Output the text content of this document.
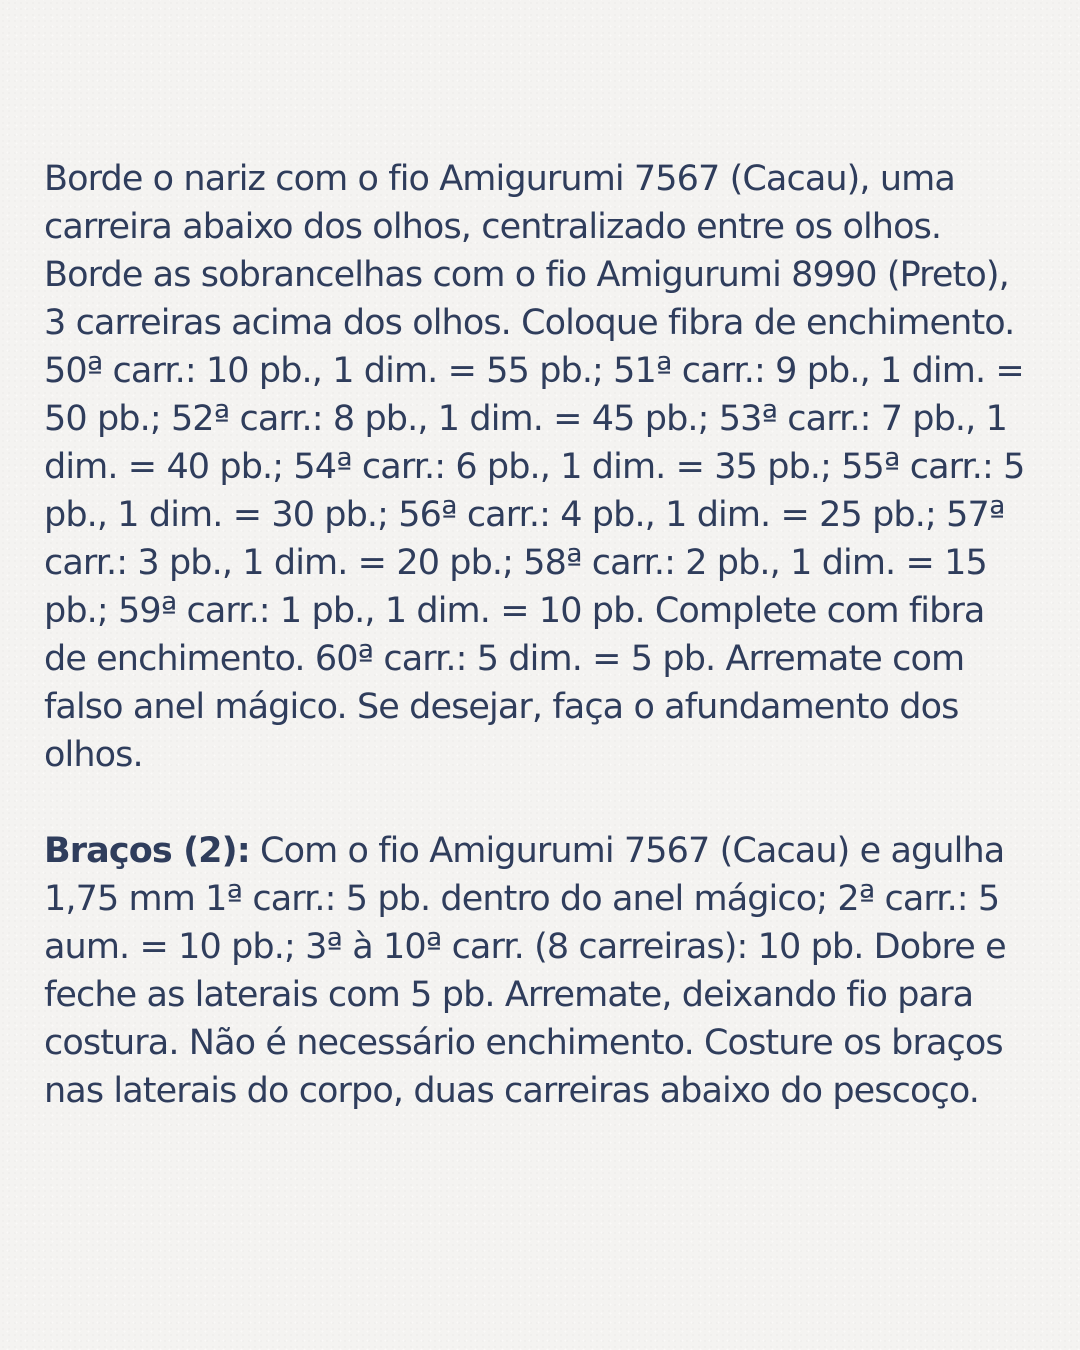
Borde o nariz com o fio Amigurumi 7567 (Cacau), uma carreira abaixo dos olhos, centralizado entre os olhos. Borde as sobrancelhas com o fio Amigurumi 8990 (Preto), 3 carreiras acima dos olhos. Coloque fibra de enchimento. 50ª carr.: 10 pb., 1 dim. = 55 pb.; 51ª carr.: 9 pb., 1 dim. = 50 pb.; 52ª carr.: 8 pb., 1 dim. = 45 pb.; 53ª carr.: 7 pb., 1 dim. = 40 pb.; 54ª carr.: 6 pb., 1 dim. = 35 pb.; 55ª carr.: 5 pb., 1 dim. = 30 pb.; 56ª carr.: 4 pb., 1 dim. = 25 pb.; 57ª carr.: 3 pb., 1 dim. = 20 pb.; 58ª carr.: 2 pb., 1 dim. = 15 pb.; 59ª carr.: 1 pb., 1 dim. = 10 pb. Complete com fibra de enchimento. 60ª carr.: 5 dim. = 5 pb. Arremate com falso anel mágico. Se desejar, faça o afundamento dos olhos.

Braços (2): Com o fio Amigurumi 7567 (Cacau) e agulha 1,75 mm 1ª carr.: 5 pb. dentro do anel mágico; 2ª carr.: 5 aum. = 10 pb.; 3ª à 10ª carr. (8 carreiras): 10 pb. Dobre e feche as laterais com 5 pb. Arremate, deixando fio para costura. Não é necessário enchimento. Costure os braços nas laterais do corpo, duas carreiras abaixo do pescoço.
